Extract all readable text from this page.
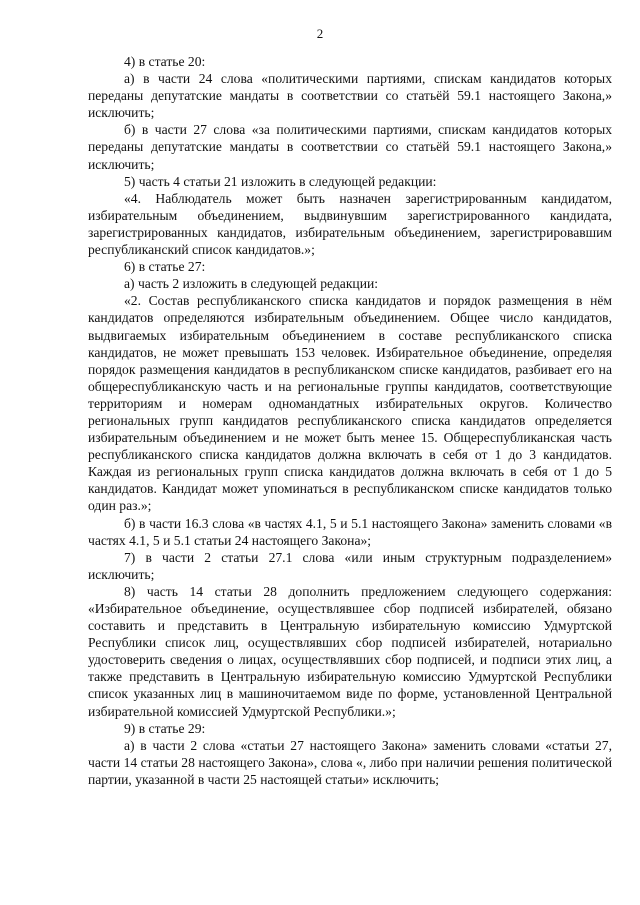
2

4) в статье 20:

а) в части 24 слова «политическими партиями, спискам кандидатов которых переданы депутатские мандаты в соответствии со статьёй 59.1 настоящего Закона,» исключить;

б) в части 27 слова «за политическими партиями, спискам кандидатов которых переданы депутатские мандаты в соответствии со статьёй 59.1 настоящего Закона,» исключить;

5) часть 4 статьи 21 изложить в следующей редакции:

«4. Наблюдатель может быть назначен зарегистрированным кандидатом, избирательным объединением, выдвинувшим зарегистрированного кандидата, зарегистрированных кандидатов, избирательным объединением, зарегистрировавшим республиканский список кандидатов.»;

6) в статье 27:

а) часть 2 изложить в следующей редакции:

«2. Состав республиканского списка кандидатов и порядок размещения в нём кандидатов определяются избирательным объединением. Общее число кандидатов, выдвигаемых избирательным объединением в составе республиканского списка кандидатов, не может превышать 153 человек. Избирательное объединение, определяя порядок размещения кандидатов в республиканском списке кандидатов, разбивает его на общереспубликанскую часть и на региональные группы кандидатов, соответствующие территориям и номерам одномандатных избирательных округов. Количество региональных групп кандидатов республиканского списка кандидатов определяется избирательным объединением и не может быть менее 15. Общереспубликанская часть республиканского списка кандидатов должна включать в себя от 1 до 3 кандидатов. Каждая из региональных групп списка кандидатов должна включать в себя от 1 до 5 кандидатов. Кандидат может упоминаться в республиканском списке кандидатов только один раз.»;

б) в части 16.3 слова «в частях 4.1, 5 и 5.1 настоящего Закона» заменить словами «в частях 4.1, 5 и 5.1 статьи 24 настоящего Закона»;

7) в части 2 статьи 27.1 слова «или иным структурным подразделением» исключить;

8) часть 14 статьи 28 дополнить предложением следующего содержания: «Избирательное объединение, осуществлявшее сбор подписей избирателей, обязано составить и представить в Центральную избирательную комиссию Удмуртской Республики список лиц, осуществлявших сбор подписей избирателей, нотариально удостоверить сведения о лицах, осуществлявших сбор подписей, и подписи этих лиц, а также представить в Центральную избирательную комиссию Удмуртской Республики список указанных лиц в машиночитаемом виде по форме, установленной Центральной избирательной комиссией Удмуртской Республики.»;

9) в статье 29:

а) в части 2 слова «статьи 27 настоящего Закона» заменить словами «статьи 27, части 14 статьи 28 настоящего Закона», слова «, либо при наличии решения политической партии, указанной в части 25 настоящей статьи» исключить;
